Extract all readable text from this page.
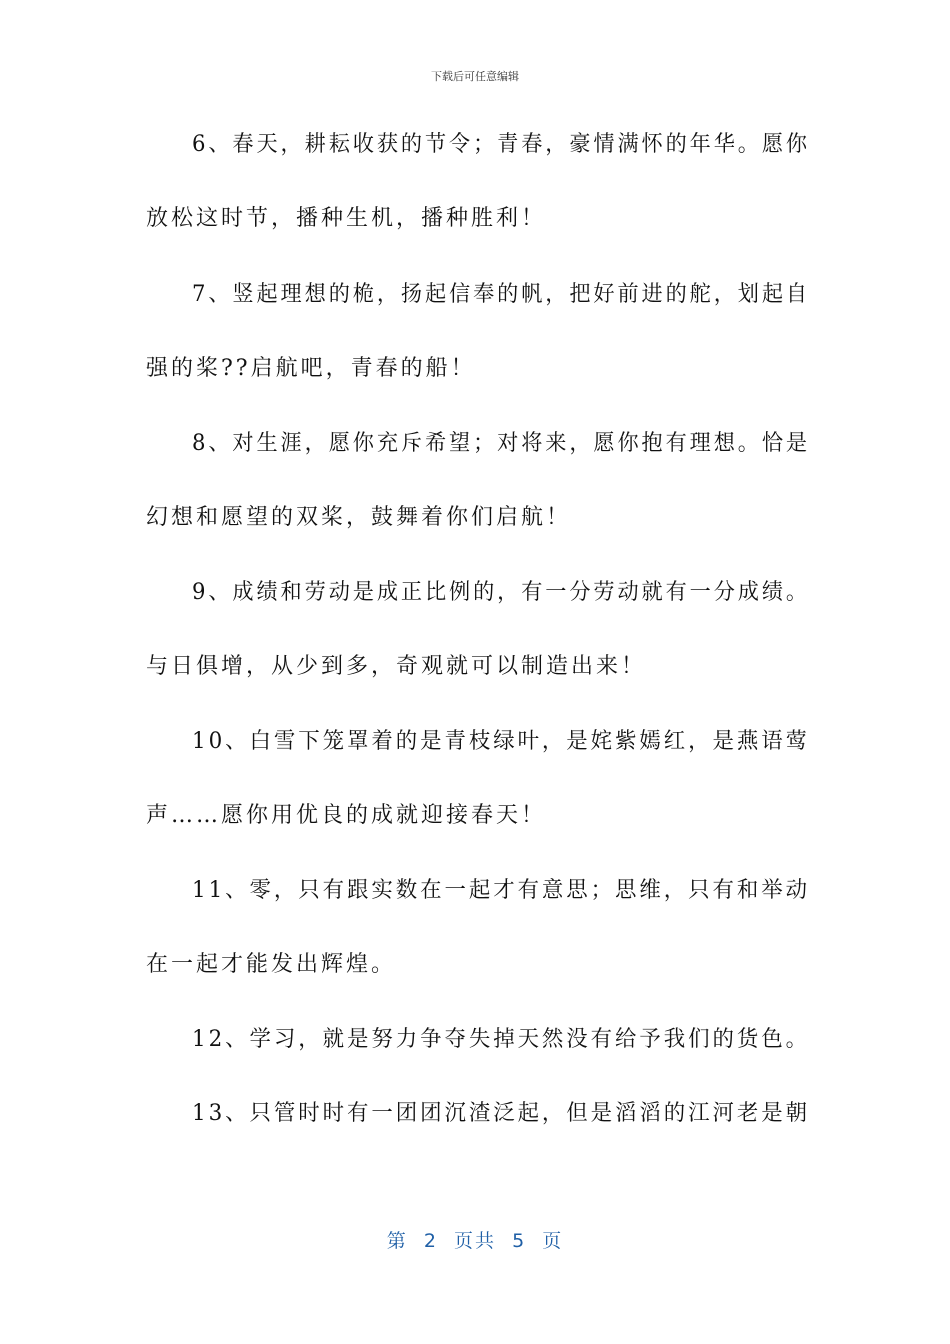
下载后可任意编辑
6、春天，耕耘收获的节令；青春，豪情满怀的年华。愿你
放松这时节，播种生机，播种胜利！
7、竖起理想的桅，扬起信奉的帆，把好前进的舵，划起自
强的桨??启航吧，青春的船！
8、对生涯，愿你充斥希望；对将来，愿你抱有理想。恰是
幻想和愿望的双桨，鼓舞着你们启航！
9、成绩和劳动是成正比例的，有一分劳动就有一分成绩。
与日俱增，从少到多，奇观就可以制造出来！
10、白雪下笼罩着的是青枝绿叶，是姹紫嫣红，是燕语莺
声……愿你用优良的成就迎接春天！
11、零，只有跟实数在一起才有意思；思维，只有和举动
在一起才能发出辉煌。
12、学习，就是努力争夺失掉天然没有给予我们的货色。
13、只管时时有一团团沉渣泛起，但是滔滔的江河老是朝
第  2  页共  5  页
